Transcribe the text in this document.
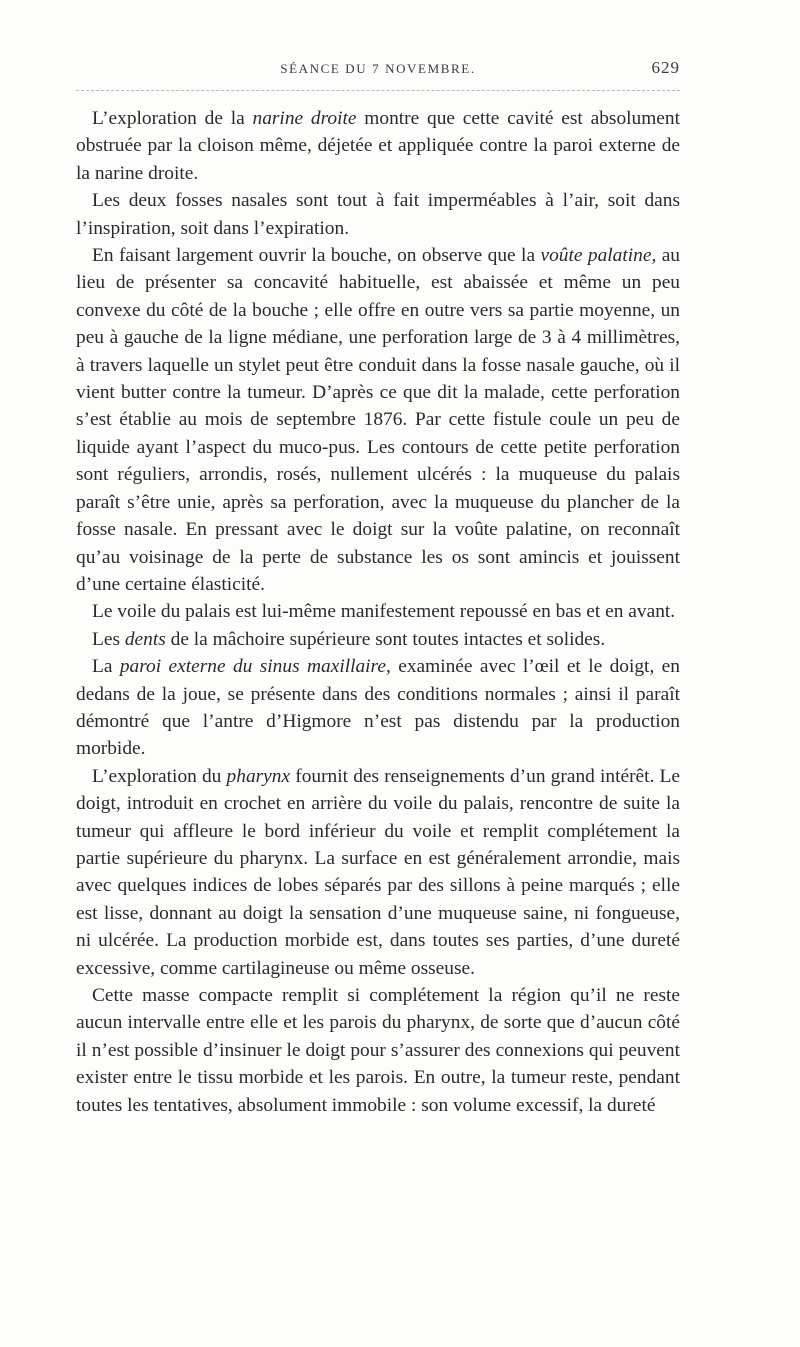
SÉANCE DU 7 NOVEMBRE.	629

L’exploration de la narine droite montre que cette cavité est absolument obstruée par la cloison même, déjetée et appliquée contre la paroi externe de la narine droite.

Les deux fosses nasales sont tout à fait imperméables à l’air, soit dans l’inspiration, soit dans l’expiration.

En faisant largement ouvrir la bouche, on observe que la voûte palatine, au lieu de présenter sa concavité habituelle, est abaissée et même un peu convexe du côté de la bouche ; elle offre en outre vers sa partie moyenne, un peu à gauche de la ligne médiane, une perforation large de 3 à 4 millimètres, à travers laquelle un stylet peut être conduit dans la fosse nasale gauche, où il vient butter contre la tumeur. D’après ce que dit la malade, cette perforation s’est établie au mois de septembre 1876. Par cette fistule coule un peu de liquide ayant l’aspect du muco-pus. Les contours de cette petite perforation sont réguliers, arrondis, rosés, nullement ulcérés : la muqueuse du palais paraît s’être unie, après sa perforation, avec la muqueuse du plancher de la fosse nasale. En pressant avec le doigt sur la voûte palatine, on reconnaît qu’au voisinage de la perte de substance les os sont amincis et jouissent d’une certaine élasticité.

Le voile du palais est lui-même manifestement repoussé en bas et en avant.

Les dents de la mâchoire supérieure sont toutes intactes et solides.

La paroi externe du sinus maxillaire, examinée avec l’œil et le doigt, en dedans de la joue, se présente dans des conditions normales ; ainsi il paraît démontré que l’antre d’Higmore n’est pas distendu par la production morbide.

L’exploration du pharynx fournit des renseignements d’un grand intérêt. Le doigt, introduit en crochet en arrière du voile du palais, rencontre de suite la tumeur qui affleure le bord inférieur du voile et remplit complétement la partie supérieure du pharynx. La surface en est généralement arrondie, mais avec quelques indices de lobes séparés par des sillons à peine marqués ; elle est lisse, donnant au doigt la sensation d’une muqueuse saine, ni fongueuse, ni ulcérée. La production morbide est, dans toutes ses parties, d’une dureté excessive, comme cartilagineuse ou même osseuse.

Cette masse compacte remplit si complétement la région qu’il ne reste aucun intervalle entre elle et les parois du pharynx, de sorte que d’aucun côté il n’est possible d’insinuer le doigt pour s’assurer des connexions qui peuvent exister entre le tissu morbide et les parois. En outre, la tumeur reste, pendant toutes les tentatives, absolument immobile : son volume excessif, la dureté
